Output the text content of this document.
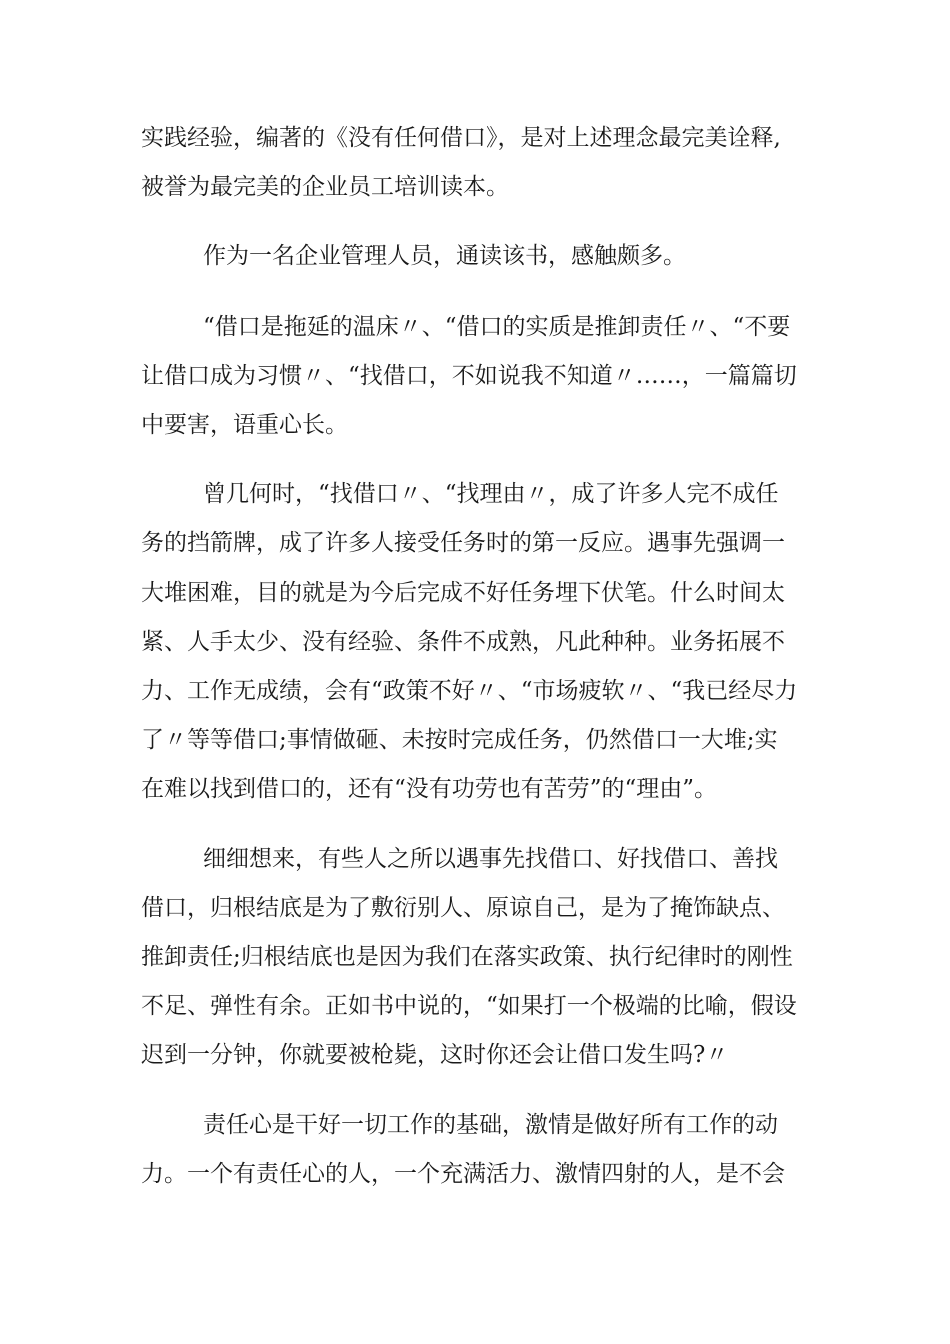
实践经验，编著的《没有任何借口》，是对上述理念最完美诠释,
被誉为最完美的企业员工培训读本。
作为一名企业管理人员，通读该书，感触颇多。
“借口是拖延的温床〃、“借口的实质是推卸责任〃、“不要
让借口成为习惯〃、“找借口，不如说我不知道〃……，一篇篇切
中要害，语重心长。
曾几何时，“找借口〃、“找理由〃，成了许多人完不成任
务的挡箭牌，成了许多人接受任务时的第一反应。遇事先强调一
大堆困难，目的就是为今后完成不好任务埋下伏笔。什么时间太
紧、人手太少、没有经验、条件不成熟，凡此种种。业务拓展不
力、工作无成绩，会有“政策不好〃、“市场疲软〃、“我已经尽力
了〃等等借口;事情做砸、未按时完成任务，仍然借口一大堆;实
在难以找到借口的，还有“没有功劳也有苦劳”的“理由”。
细细想来，有些人之所以遇事先找借口、好找借口、善找
借口，归根结底是为了敷衍别人、原谅自己，是为了掩饰缺点、
推卸责任;归根结底也是因为我们在落实政策、执行纪律时的刚性
不足、弹性有余。正如书中说的，“如果打一个极端的比喻，假设
迟到一分钟，你就要被枪毙，这时你还会让借口发生吗?〃
责任心是干好一切工作的基础，激情是做好所有工作的动
力。一个有责任心的人，一个充满活力、激情四射的人，是不会
